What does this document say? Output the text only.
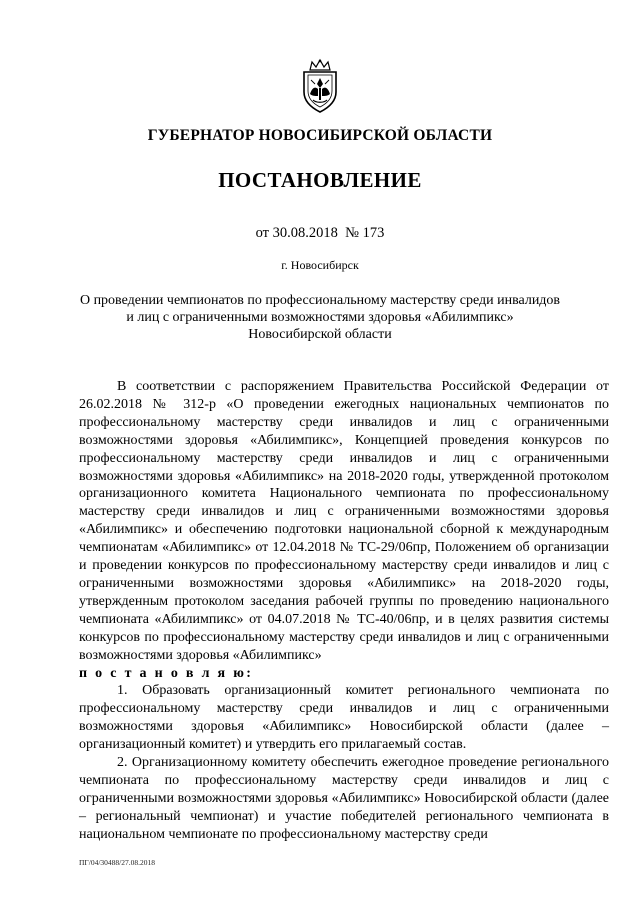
ГУБЕРНАТОР НОВОСИБИРСКОЙ ОБЛАСТИ
ПОСТАНОВЛЕНИЕ
от 30.08.2018  № 173
г. Новосибирск
О проведении чемпионатов по профессиональному мастерству среди инвалидов
и лиц с ограниченными возможностями здоровья «Абилимпикс»
Новосибирской области

В соответствии с распоряжением Правительства Российской Федерации от 26.02.2018 № 312-р «О проведении ежегодных национальных чемпионатов по профессиональному мастерству среди инвалидов и лиц с ограниченными возможностями здоровья «Абилимпикс», Концепцией проведения конкурсов по профессиональному мастерству среди инвалидов и лиц с ограниченными возможностями здоровья «Абилимпикс» на 2018-2020 годы, утвержденной протоколом организационного комитета Национального чемпионата по профессиональному мастерству среди инвалидов и лиц с ограниченными возможностями здоровья «Абилимпикс» и обеспечению подготовки национальной сборной к международным чемпионатам «Абилимпикс» от 12.04.2018 № ТС-29/06пр, Положением об организации и проведении конкурсов по профессиональному мастерству среди инвалидов и лиц с ограниченными возможностями здоровья «Абилимпикс» на 2018-2020 годы, утвержденным протоколом заседания рабочей группы по проведению национального чемпионата «Абилимпикс» от 04.07.2018 № ТС-40/06пр, и в целях развития системы конкурсов по профессиональному мастерству среди инвалидов и лиц с ограниченными возможностями здоровья «Абилимпикс»

п о с т а н о в л я ю:

1. Образовать организационный комитет регионального чемпионата по профессиональному мастерству среди инвалидов и лиц с ограниченными возможностями здоровья «Абилимпикс» Новосибирской области (далее – организационный комитет) и утвердить его прилагаемый состав.

2. Организационному комитету обеспечить ежегодное проведение регионального чемпионата по профессиональному мастерству среди инвалидов и лиц с ограниченными возможностями здоровья «Абилимпикс» Новосибирской области (далее – региональный чемпионат) и участие победителей регионального чемпионата в национальном чемпионате по профессиональному мастерству среди

ПГ/04/30488/27.08.2018
